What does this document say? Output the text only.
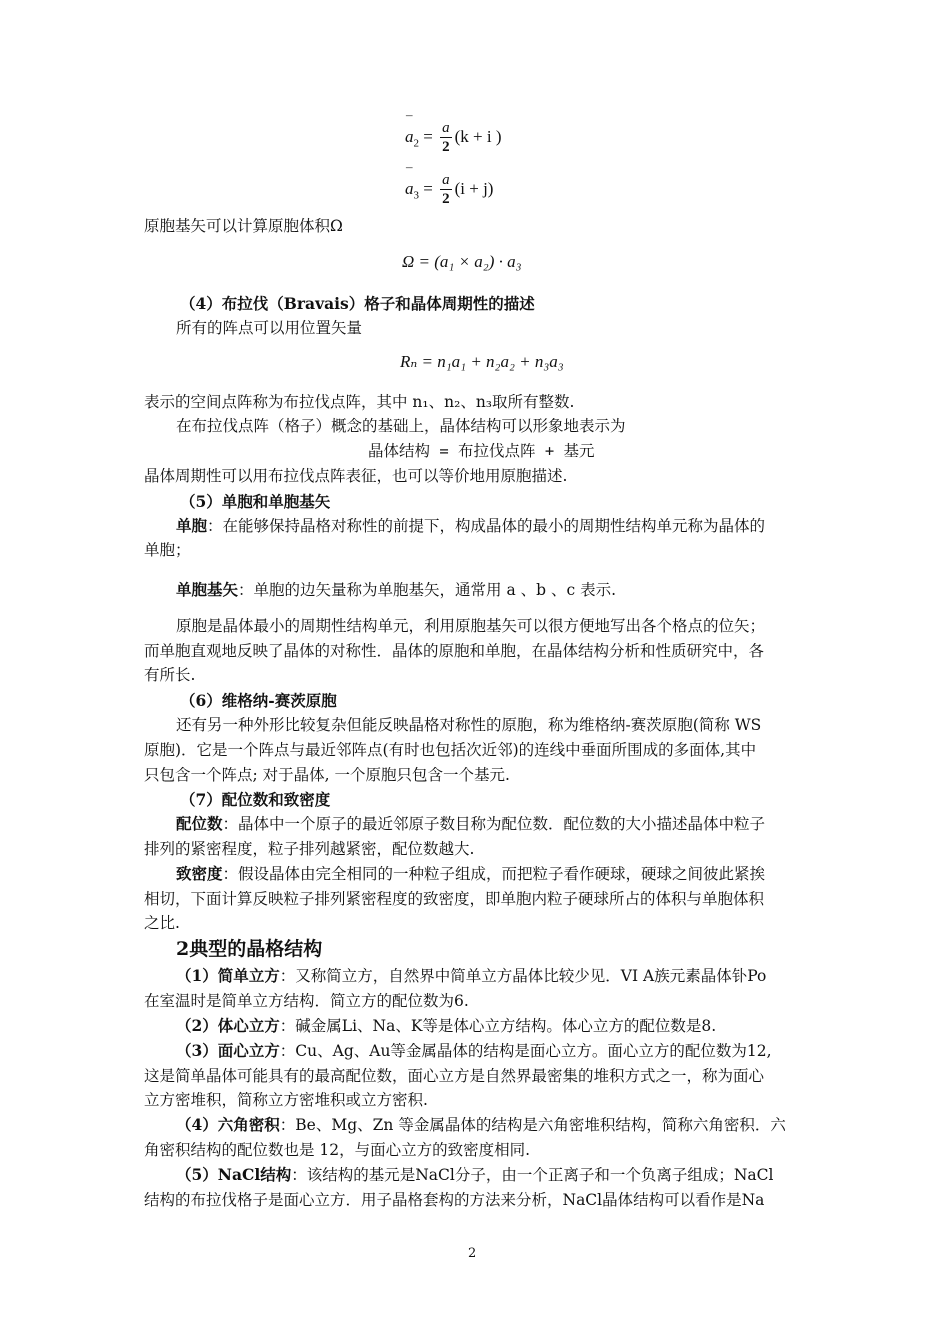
¯ $a_2 = \frac{a}{2} (k + i$ )
¯ $a_3 = \frac{a}{2} (i + j)$
原胞基矢可以计算原胞体积Ω
Ω = (a₁ × a₂) · a₃
（4）布拉伐（Bravais）格子和晶体周期性的描述
所有的阵点可以用位置矢量
Rₙ = n₁a₁ + n₂a₂ + n₃a₃
表示的空间点阵称为布拉伐点阵，其中 n₁、n₂、n₃取所有整数.
在布拉伐点阵（格子）概念的基础上，晶体结构可以形象地表示为
晶体结构 = 布拉伐点阵 + 基元
晶体周期性可以用布拉伐点阵表征，也可以等价地用原胞描述.
（5）单胞和单胞基矢
单胞：在能够保持晶格对称性的前提下，构成晶体的最小的周期性结构单元称为晶体的
单胞；
单胞基矢：单胞的边矢量称为单胞基矢，通常用 a 、b 、c 表示.
原胞是晶体最小的周期性结构单元，利用原胞基矢可以很方便地写出各个格点的位矢；
而单胞直观地反映了晶体的对称性．晶体的原胞和单胞，在晶体结构分析和性质研究中，各
有所长.
（6）维格纳-赛茨原胞
还有另一种外形比较复杂但能反映晶格对称性的原胞，称为维格纳-赛茨原胞(简称 WS
原胞)．它是一个阵点与最近邻阵点(有时也包括次近邻)的连线中垂面所围成的多面体,其中
只包含一个阵点; 对于晶体, 一个原胞只包含一个基元.
（7）配位数和致密度
配位数：晶体中一个原子的最近邻原子数目称为配位数．配位数的大小描述晶体中粒子
排列的紧密程度，粒子排列越紧密，配位数越大.
致密度：假设晶体由完全相同的一种粒子组成，而把粒子看作硬球，硬球之间彼此紧挨
相切，下面计算反映粒子排列紧密程度的致密度，即单胞内粒子硬球所占的体积与单胞体积
之比.
2典型的晶格结构
（1）简单立方：又称简立方，自然界中简单立方晶体比较少见．VI A族元素晶体钋Po
在室温时是简单立方结构．简立方的配位数为6.
（2）体心立方：碱金属Li、Na、K等是体心立方结构。体心立方的配位数是8.
（3）面心立方：Cu、Ag、Au等金属晶体的结构是面心立方。面心立方的配位数为12,
这是简单晶体可能具有的最高配位数，面心立方是自然界最密集的堆积方式之一，称为面心
立方密堆积，简称立方密堆积或立方密积.
（4）六角密积：Be、Mg、Zn 等金属晶体的结构是六角密堆积结构，简称六角密积．六
角密积结构的配位数也是 12，与面心立方的致密度相同.
（5）NaCl结构：该结构的基元是NaCl分子，由一个正离子和一个负离子组成；NaCl
结构的布拉伐格子是面心立方．用子晶格套构的方法来分析，NaCl晶体结构可以看作是Na
2
